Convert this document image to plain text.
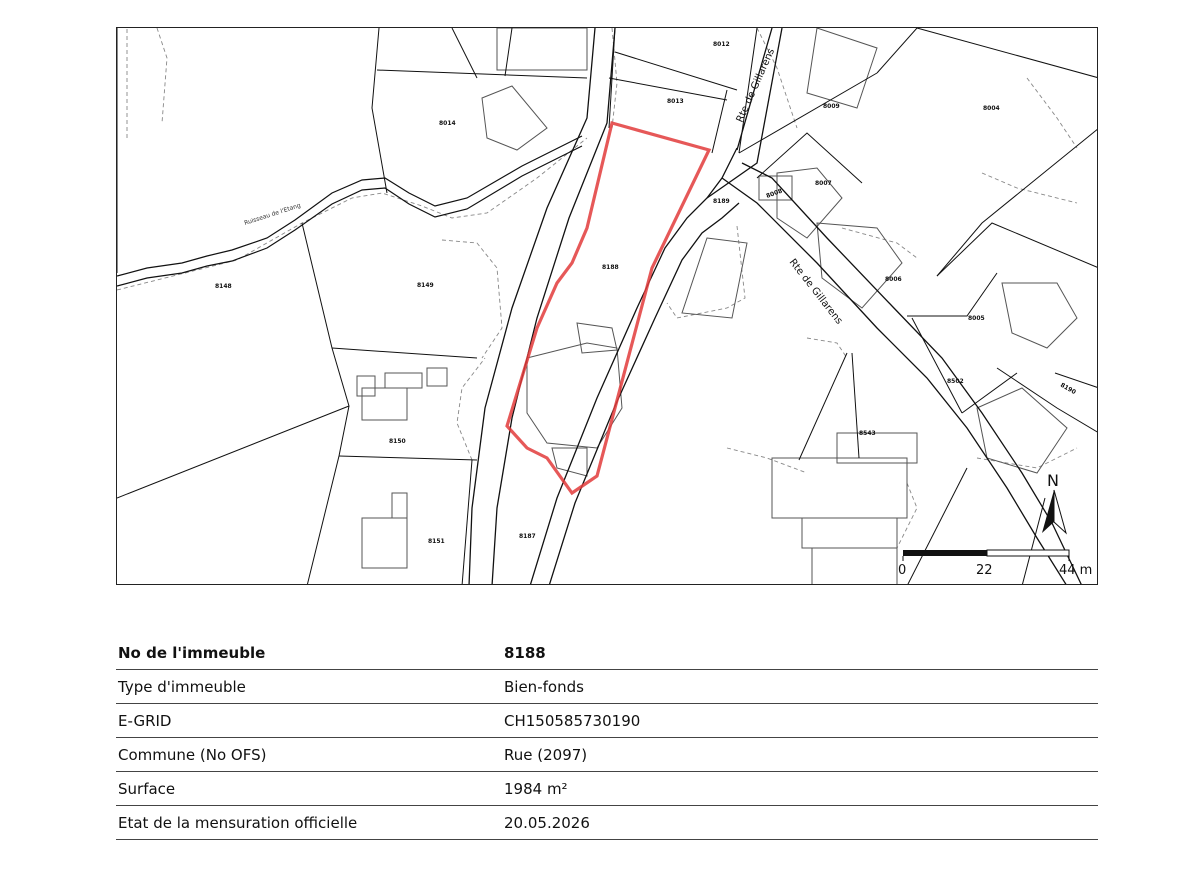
Rte de Gillarens
Rte de Gillarens
Ruisseau de l'Etang
8012
8013
8009	8004
8014
8008
8007
8189
8188
8149
8148
8006
8005
8502
8190
8543
8150
8151
8187
N
0	22	44 m
No de l'immeuble	8188
Type d'immeuble	Bien-fonds
E-GRID	CH150585730190
Commune (No OFS)	Rue (2097)
Surface	1984 m²
Etat de la mensuration officielle	20.05.2026
